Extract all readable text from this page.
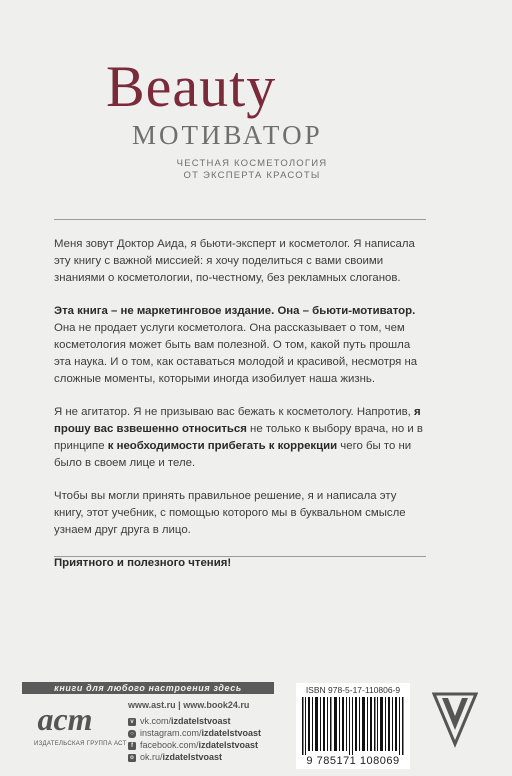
Beauty
МОТИВАТОР
ЧЕСТНАЯ КОСМЕТОЛОГИЯ
ОТ ЭКСПЕРТА КРАСОТЫ

Меня зовут Доктор Аида, я бьюти-эксперт и косметолог. Я написала эту книгу с важной миссией: я хочу поделиться с вами своими знаниями о косметологии, по-честному, без рекламных слоганов.

Эта книга – не маркетинговое издание. Она – бьюти-мотиватор. Она не продает услуги косметолога. Она рассказывает о том, чем косметология может быть вам полезной. О том, какой путь прошла эта наука. И о том, как оставаться молодой и красивой, несмотря на сложные моменты, которыми иногда изобилует наша жизнь.

Я не агитатор. Я не призываю вас бежать к косметологу. Напротив, я прошу вас взвешенно относиться не только к выбору врача, но и в принципе к необходимости прибегать к коррекции чего бы то ни было в своем лице и теле.

Чтобы вы могли принять правильное решение, я и написала эту книгу, этот учебник, с помощью которого мы в буквальном смысле узнаем друг друга в лицо.

Приятного и полезного чтения!

книги для любого настроения здесь
аст
ИЗДАТЕЛЬСКАЯ ГРУППА АСТ
www.ast.ru | www.book24.ru
v vk.com/ izdatelstvoast
○ instagram.com/ izdatelstvoast
f facebook.com/ izdatelstvoast
o ok.ru/ izdatelstvoast
ISBN 978-5-17-110806-9
9 785171 108069
